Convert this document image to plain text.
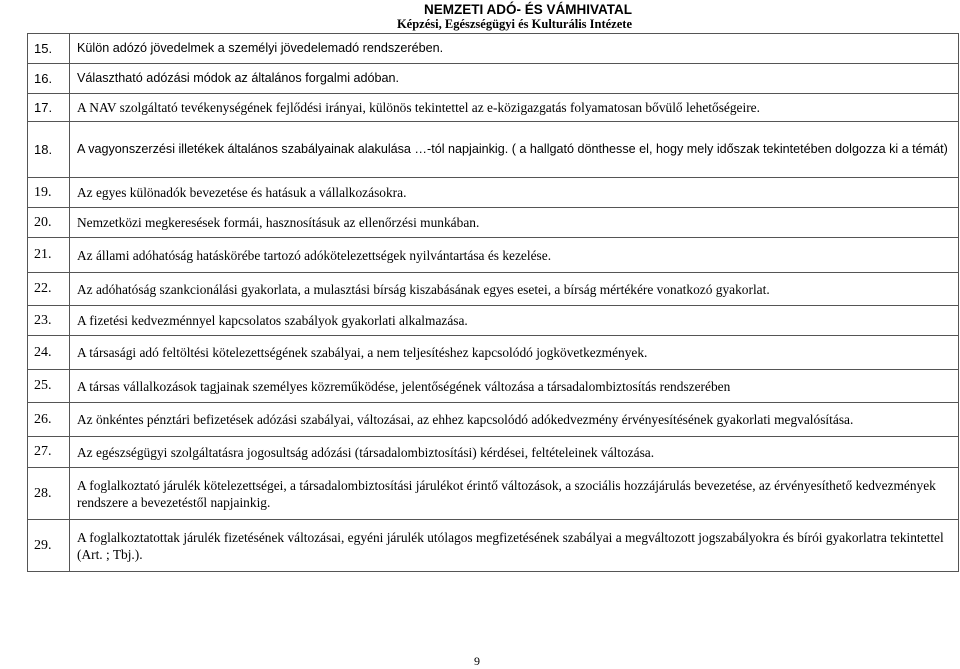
NEMZETI ADÓ- ÉS VÁMHIVATAL
Képzési, Egészségügyi és Kulturális Intézete
15.	Külön adózó jövedelmek a személyi jövedelemadó rendszerében.
16.	Választható adózási módok az általános forgalmi adóban.
17.	A NAV szolgáltató tevékenységének fejlődési irányai, különös tekintettel az e-közigazgatás folyamatosan bővülő lehetőségeire.
18.	A vagyonszerzési illetékek általános szabályainak alakulása …-tól napjainkig. ( a hallgató dönthesse el, hogy mely időszak tekintetében dolgozza ki a témát)
19.	Az egyes különadók bevezetése és hatásuk a vállalkozásokra.
20.	Nemzetközi megkeresések formái, hasznosításuk az ellenőrzési munkában.
21.	Az állami adóhatóság hatáskörébe tartozó adókötelezettségek nyilvántartása és kezelése.
22.	Az adóhatóság szankcionálási gyakorlata, a mulasztási bírság kiszabásának egyes esetei, a bírság mértékére vonatkozó gyakorlat.
23.	A fizetési kedvezménnyel kapcsolatos szabályok gyakorlati alkalmazása.
24.	A társasági adó feltöltési kötelezettségének szabályai, a nem teljesítéshez kapcsolódó jogkövetkezmények.
25.	A társas vállalkozások tagjainak személyes közreműködése, jelentőségének változása a társadalombiztosítás rendszerében
26.	Az önkéntes pénztári befizetések adózási szabályai, változásai, az ehhez kapcsolódó adókedvezmény érvényesítésének gyakorlati megvalósítása.
27.	Az egészségügyi szolgáltatásra jogosultság adózási (társadalombiztosítási) kérdései, feltételeinek változása.
28.	A foglalkoztató járulék kötelezettségei, a társadalombiztosítási járulékot érintő változások, a szociális hozzájárulás bevezetése, az érvényesíthető kedvezmények rendszere a bevezetéstől napjainkig.
29.	A foglalkoztatottak járulék fizetésének változásai, egyéni járulék utólagos megfizetésének szabályai a megváltozott jogszabályokra és bírói gyakorlatra tekintettel (Art. ; Tbj.).
9
